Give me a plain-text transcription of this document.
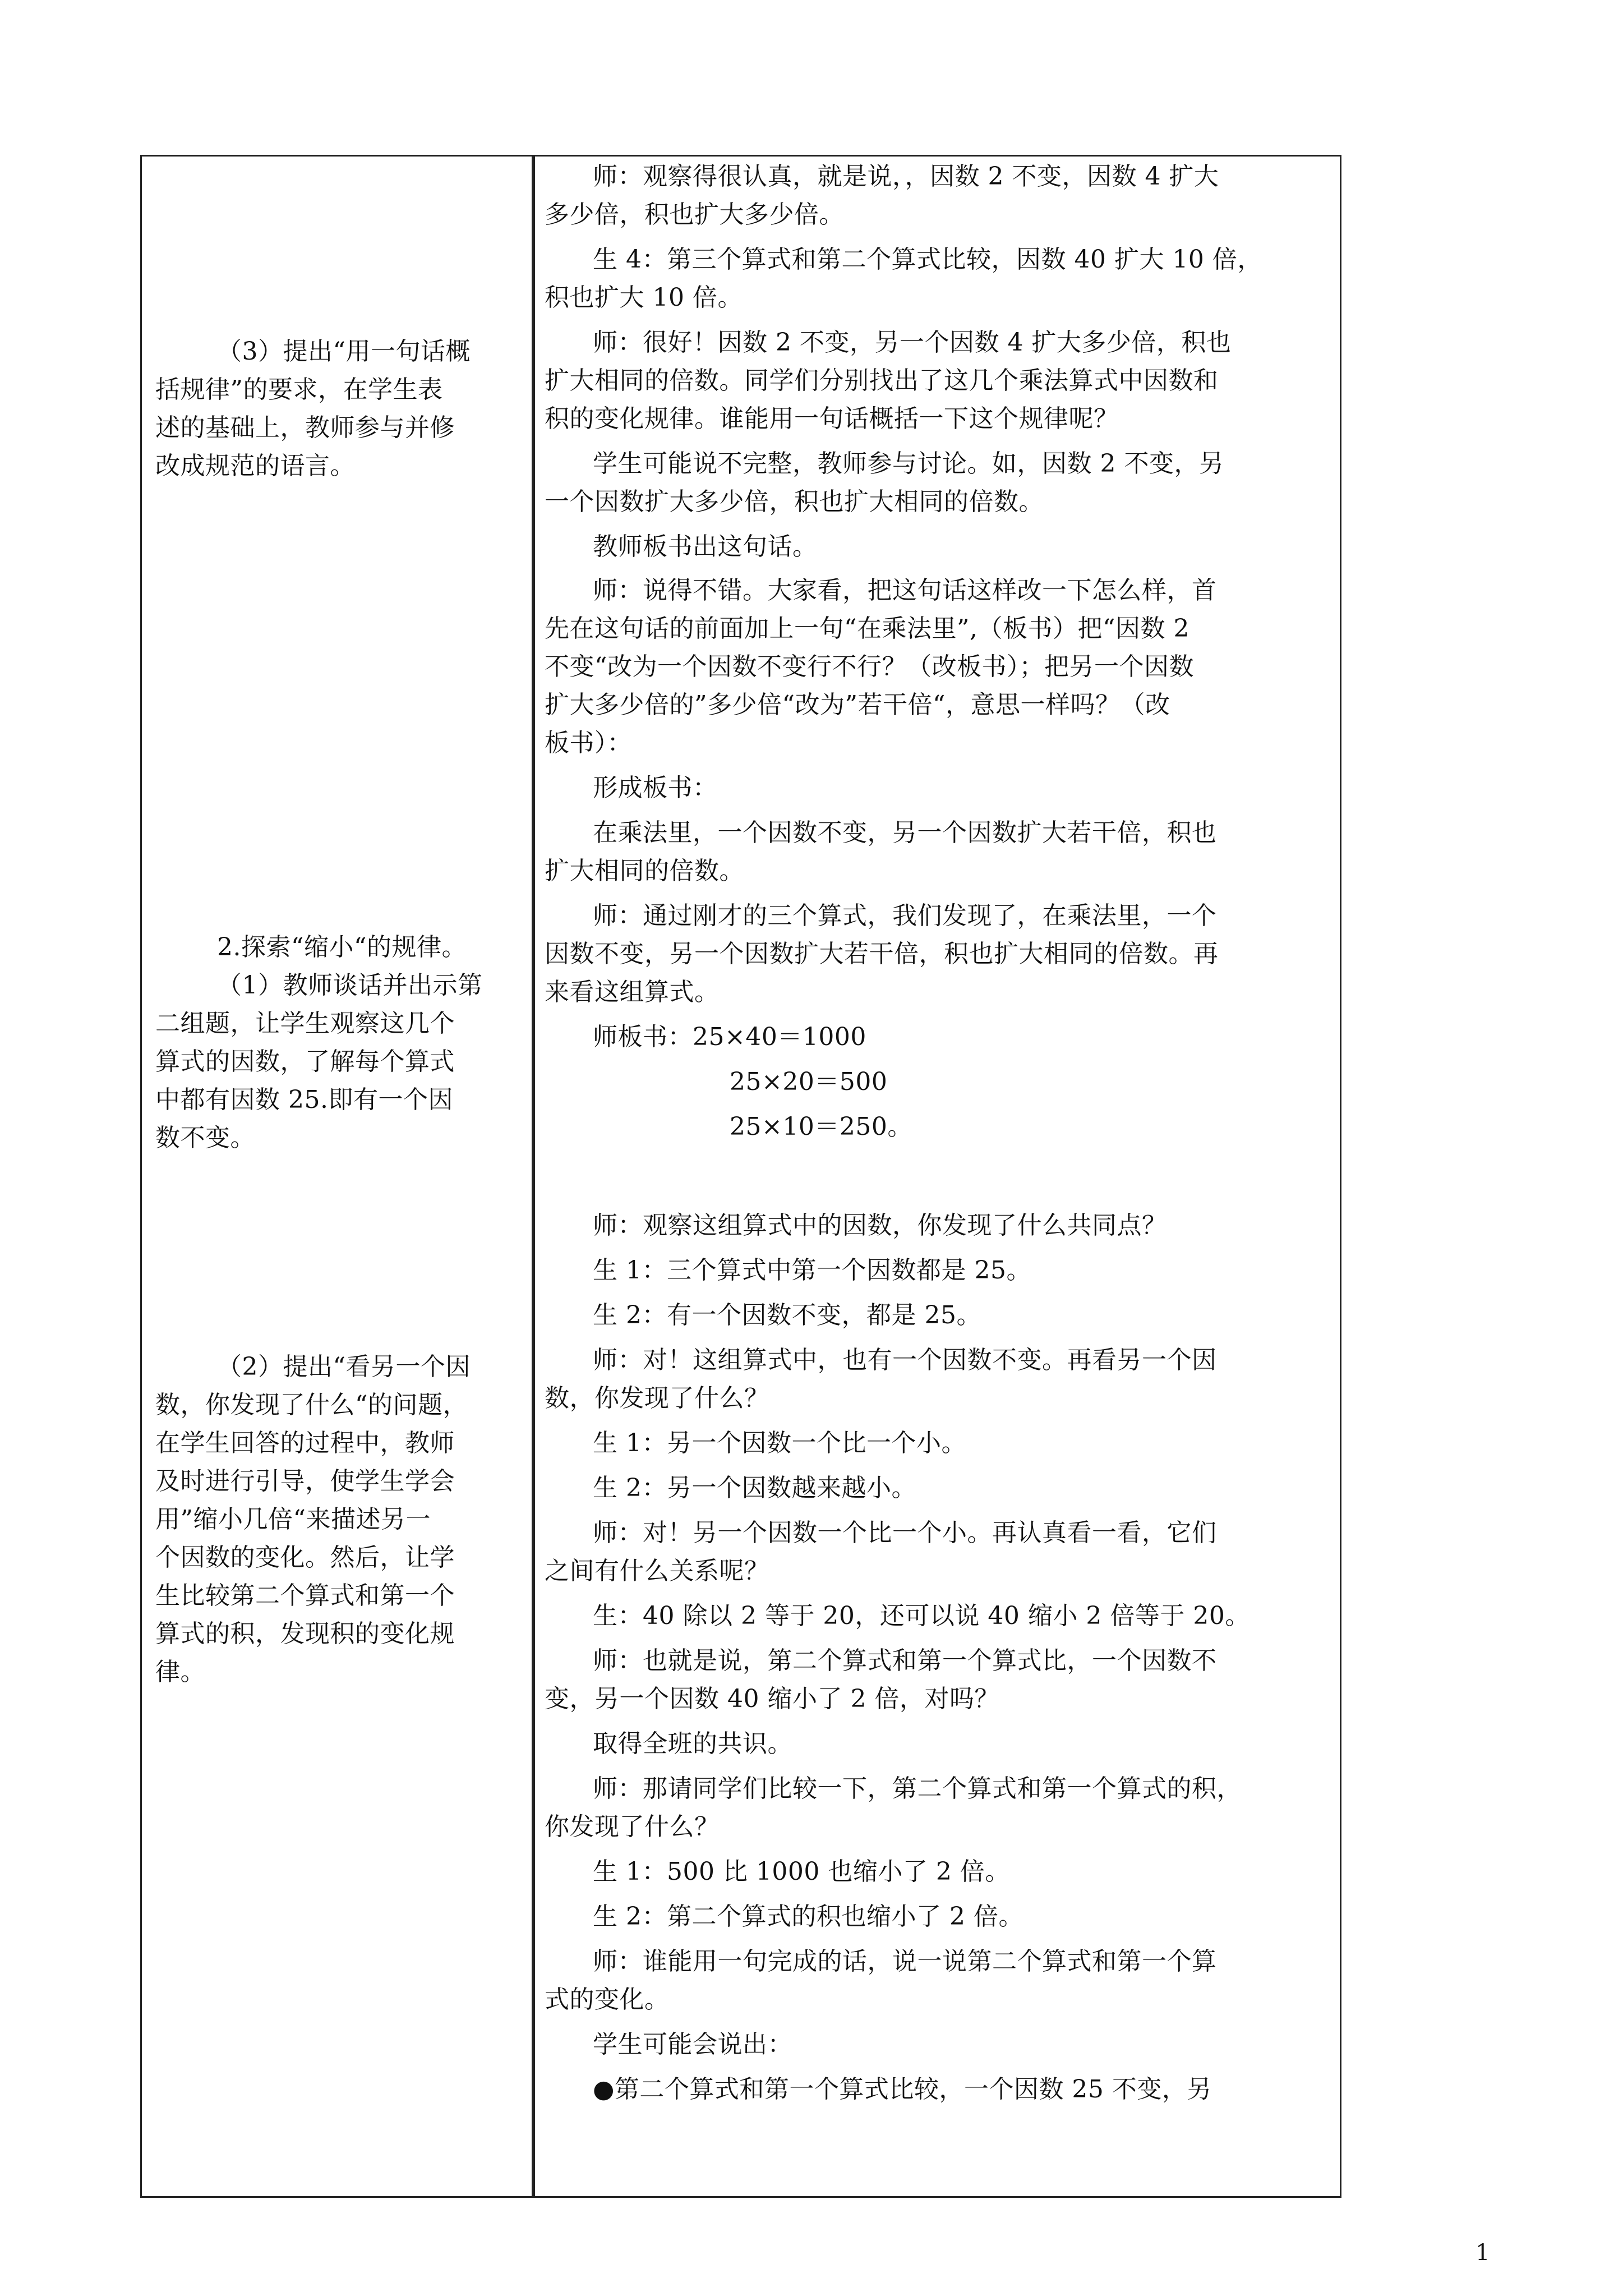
（3）提出“用一句话概
括规律”的要求，在学生表
述的基础上，教师参与并修
改成规范的语言。
2.探索“缩小“的规律。
（1）教师谈话并出示第
二组题，让学生观察这几个
算式的因数，了解每个算式
中都有因数 25.即有一个因
数不变。
（2）提出“看另一个因
数，你发现了什么“的问题，
在学生回答的过程中，教师
及时进行引导，使学生学会
用”缩小几倍“来描述另一
个因数的变化。然后，让学
生比较第二个算式和第一个
算式的积，发现积的变化规
律。
师：观察得很认真，就是说，，因数 2 不变，因数 4 扩大
多少倍，积也扩大多少倍。
生 4：第三个算式和第二个算式比较，因数 40 扩大 10 倍，
积也扩大 10 倍。
师：很好！因数 2 不变，另一个因数 4 扩大多少倍，积也
扩大相同的倍数。同学们分别找出了这几个乘法算式中因数和
积的变化规律。谁能用一句话概括一下这个规律呢？
学生可能说不完整，教师参与讨论。如，因数 2 不变，另
一个因数扩大多少倍，积也扩大相同的倍数。
教师板书出这句话。
师：说得不错。大家看，把这句话这样改一下怎么样，首
先在这句话的前面加上一句“在乘法里”,（板书）把“因数 2
不变“改为一个因数不变行不行？（改板书）；把另一个因数
扩大多少倍的”多少倍“改为”若干倍“，意思一样吗？（改
板书）：
形成板书：
在乘法里，一个因数不变，另一个因数扩大若干倍，积也
扩大相同的倍数。
师：通过刚才的三个算式，我们发现了，在乘法里，一个
因数不变，另一个因数扩大若干倍，积也扩大相同的倍数。再
来看这组算式。
师板书：25×40＝1000
25×20＝500
25×10＝250。
师：观察这组算式中的因数，你发现了什么共同点？
生 1：三个算式中第一个因数都是 25。
生 2：有一个因数不变，都是 25。
师：对！这组算式中，也有一个因数不变。再看另一个因
数，你发现了什么？
生 1：另一个因数一个比一个小。
生 2：另一个因数越来越小。
师：对！另一个因数一个比一个小。再认真看一看，它们
之间有什么关系呢？
生：40 除以 2 等于 20，还可以说 40 缩小 2 倍等于 20。
师：也就是说，第二个算式和第一个算式比，一个因数不
变，另一个因数 40 缩小了 2 倍，对吗？
取得全班的共识。
师：那请同学们比较一下，第二个算式和第一个算式的积，
你发现了什么？
生 1：500 比 1000 也缩小了 2 倍。
生 2：第二个算式的积也缩小了 2 倍。
师：谁能用一句完成的话，说一说第二个算式和第一个算
式的变化。
学生可能会说出：
●第二个算式和第一个算式比较，一个因数 25 不变，另
1
